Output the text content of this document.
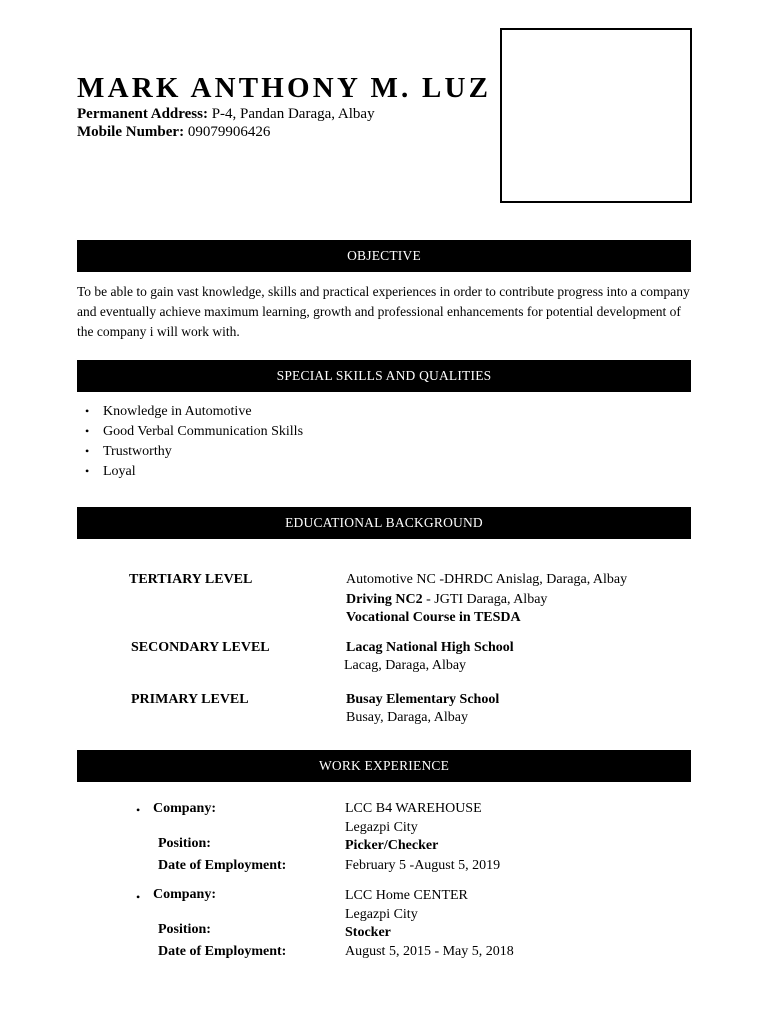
MARK ANTHONY M. LUZ
Permanent Address: P-4, Pandan Daraga, Albay
Mobile Number: 09079906426
OBJECTIVE
To be able to gain vast knowledge, skills and practical experiences in order to contribute progress into a company and eventually achieve maximum learning, growth and professional enhancements for potential development of the company i will work with.
SPECIAL SKILLS AND QUALITIES
• Knowledge in Automotive
• Good Verbal Communication Skills
• Trustworthy
• Loyal
EDUCATIONAL BACKGROUND
TERTIARY LEVEL	Automotive NC -DHRDC Anislag, Daraga, Albay
Driving NC2 - JGTI Daraga, Albay
Vocational Course in TESDA
SECONDARY LEVEL	Lacag National High School
Lacag, Daraga, Albay
PRIMARY LEVEL	Busay Elementary School
Busay, Daraga, Albay
WORK EXPERIENCE
• Company:	LCC B4 WAREHOUSE
Legazpi City
Position:	Picker/Checker
Date of Employment:	February 5 -August 5, 2019
• Company:	LCC Home CENTER
Legazpi City
Position:	Stocker
Date of Employment:	August 5, 2015 - May 5, 2018
